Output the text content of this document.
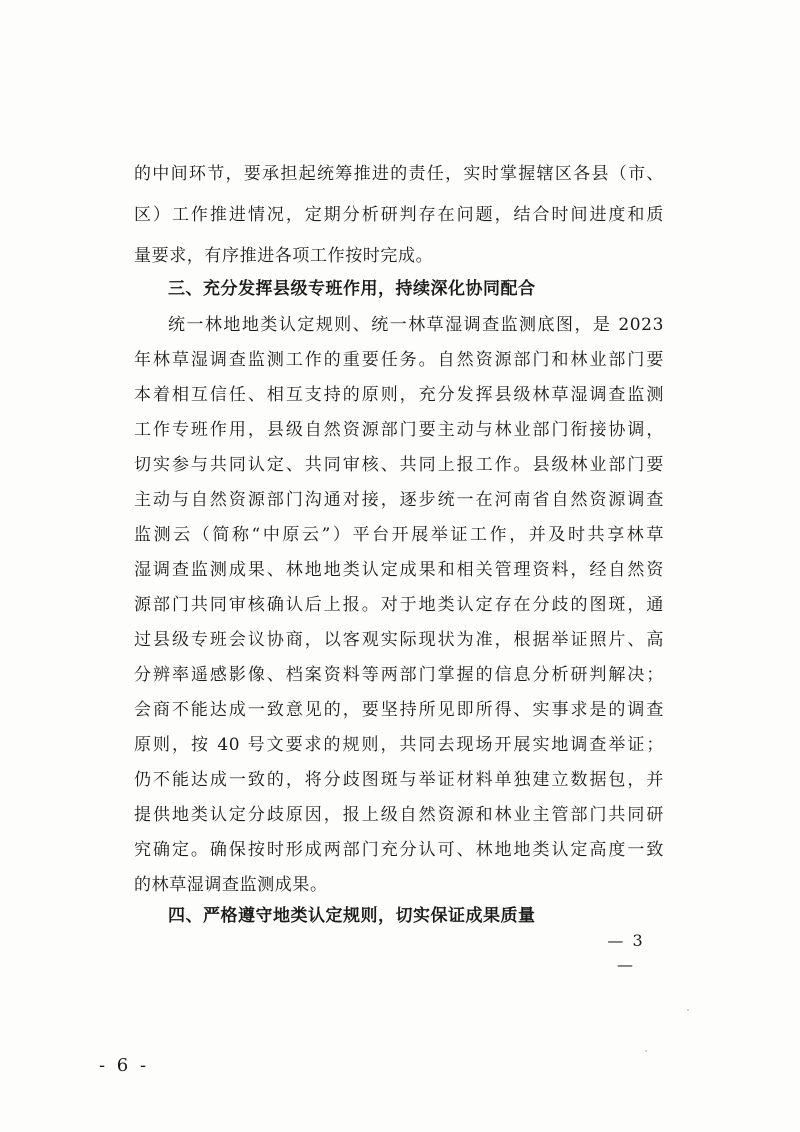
的中间环节，要承担起统筹推进的责任，实时掌握辖区各县（市、
区）工作推进情况，定期分析研判存在问题，结合时间进度和质
量要求，有序推进各项工作按时完成。
三、充分发挥县级专班作用，持续深化协同配合
统一林地地类认定规则、统一林草湿调查监测底图，是 2023
年林草湿调查监测工作的重要任务。自然资源部门和林业部门要
本着相互信任、相互支持的原则，充分发挥县级林草湿调查监测
工作专班作用，县级自然资源部门要主动与林业部门衔接协调，
切实参与共同认定、共同审核、共同上报工作。县级林业部门要
主动与自然资源部门沟通对接，逐步统一在河南省自然资源调查
监测云（简称“中原云”）平台开展举证工作，并及时共享林草
湿调查监测成果、林地地类认定成果和相关管理资料，经自然资
源部门共同审核确认后上报。对于地类认定存在分歧的图斑，通
过县级专班会议协商，以客观实际现状为准，根据举证照片、高
分辨率遥感影像、档案资料等两部门掌握的信息分析研判解决；
会商不能达成一致意见的，要坚持所见即所得、实事求是的调查
原则，按 40 号文要求的规则，共同去现场开展实地调查举证；
仍不能达成一致的，将分歧图斑与举证材料单独建立数据包，并
提供地类认定分歧原因，报上级自然资源和林业主管部门共同研
究确定。确保按时形成两部门充分认可、林地地类认定高度一致
的林草湿调查监测成果。
四、严格遵守地类认定规则，切实保证成果质量
— 3 —
- 6 -
